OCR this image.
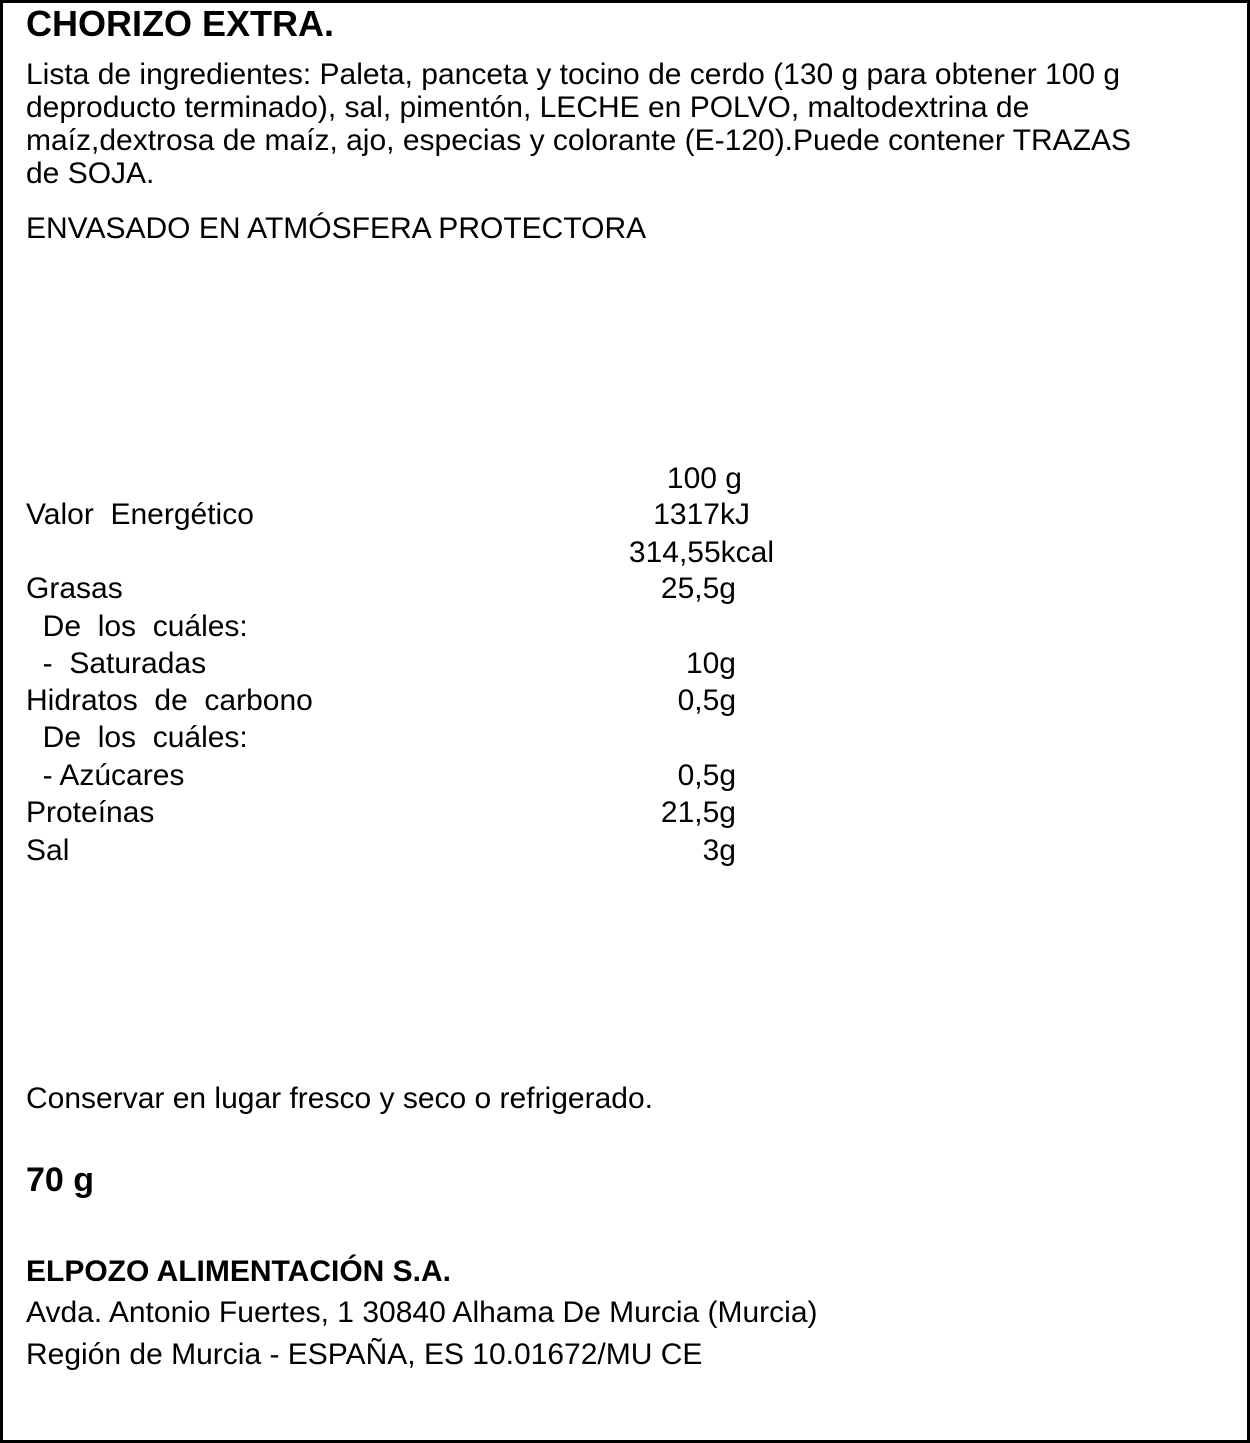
CHORIZO EXTRA.
Lista de ingredientes: Paleta, panceta y tocino de cerdo (130 g para obtener 100 g
deproducto terminado), sal, pimentón, LECHE en POLVO, maltodextrina de
maíz,dextrosa de maíz, ajo, especias y colorante (E-120).Puede contener TRAZAS
de SOJA.
ENVASADO EN ATMÓSFERA PROTECTORA
100 g
Valor  Energético	1317kJ
314,55kcal
Grasas	25,5g
De  los  cuáles:
-  Saturadas	10g
Hidratos  de  carbono	0,5g
De  los  cuáles:
- Azúcares	0,5g
Proteínas	21,5g
Sal	3g
Conservar en lugar fresco y seco o refrigerado.
70 g
ELPOZO ALIMENTACIÓN S.A.
Avda. Antonio Fuertes, 1 30840 Alhama De Murcia (Murcia)
Región de Murcia - ESPAÑA, ES 10.01672/MU CE
